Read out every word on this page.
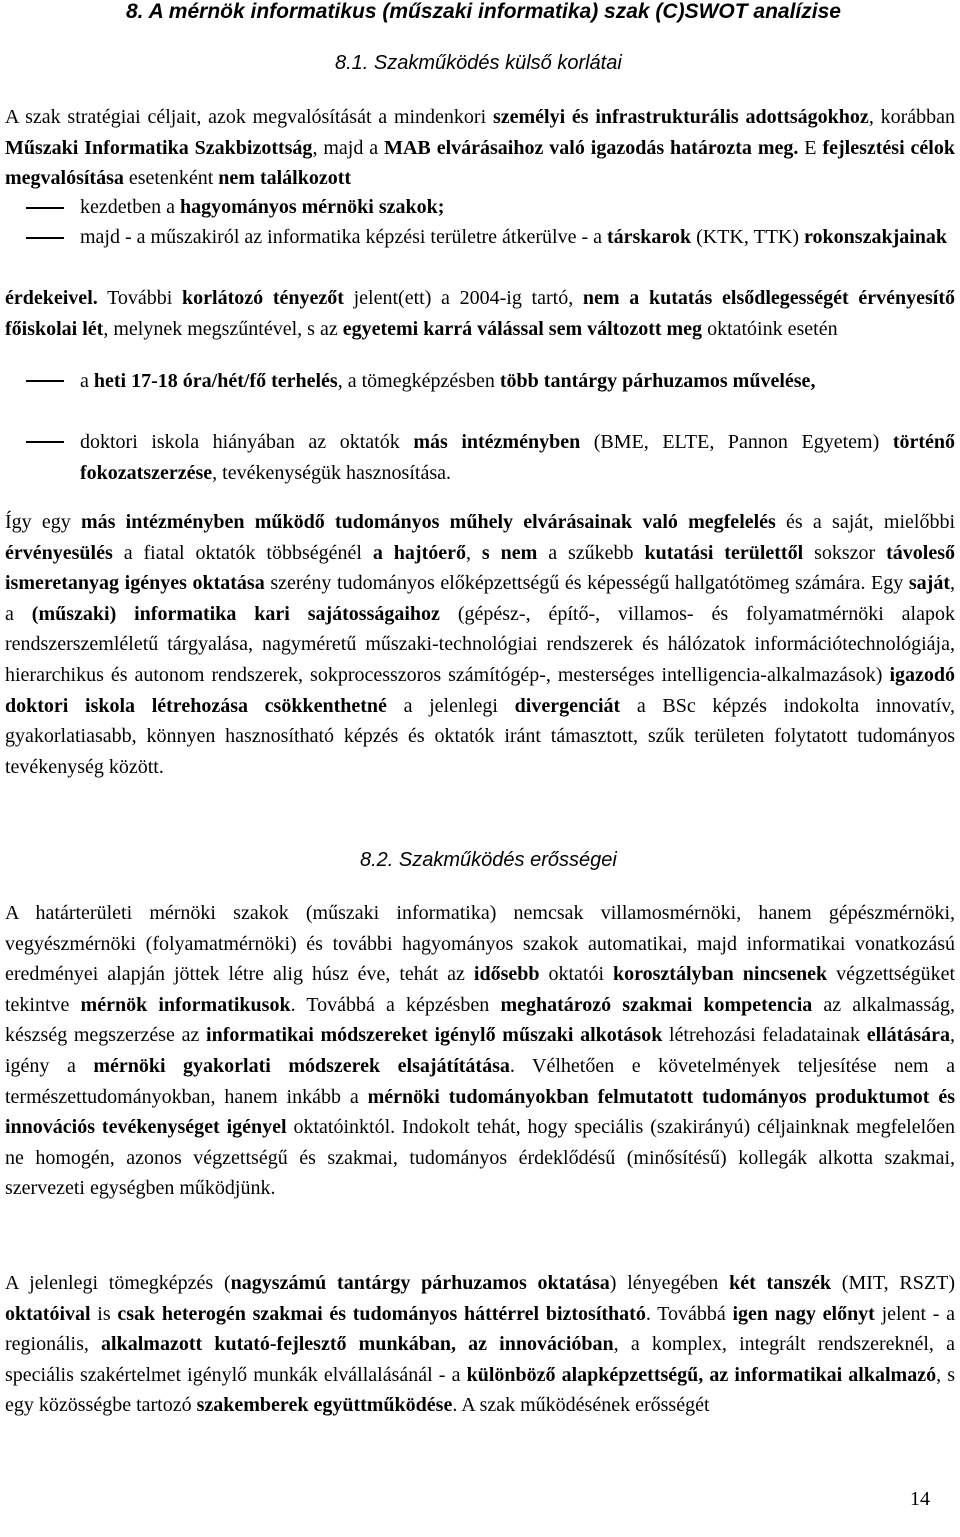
8. A mérnök informatikus (műszaki informatika) szak (C)SWOT analízise
8.1. Szakműködés külső korlátai

A szak stratégiai céljait, azok megvalósítását a mindenkori személyi és infrastrukturális adottságokhoz, korábban Műszaki Informatika Szakbizottság, majd a MAB elvárásaihoz való igazodás határozta meg. E fejlesztési célok megvalósítása esetenként nem találkozott

kezdetben a hagyományos mérnöki szakok;

majd - a műszakiról az informatika képzési területre átkerülve - a társkarok (KTK, TTK) rokonszakjainak

érdekeivel. További korlátozó tényezőt jelent(ett) a 2004-ig tartó, nem a kutatás elsődlegességét érvényesítő főiskolai lét, melynek megszűntével, s az egyetemi karrá válással sem változott meg oktatóink esetén

a heti 17-18 óra/hét/fő terhelés, a tömegképzésben több tantárgy párhuzamos művelése,

doktori iskola hiányában az oktatók más intézményben (BME, ELTE, Pannon Egyetem) történő fokozatszerzése, tevékenységük hasznosítása.

Így egy más intézményben működő tudományos műhely elvárásainak való megfelelés és a saját, mielőbbi érvényesülés a fiatal oktatók többségénél a hajtóerő, s nem a szűkebb kutatási területtől sokszor távoleső ismeretanyag igényes oktatása szerény tudományos előképzettségű és képességű hallgatótömeg számára. Egy saját, a (műszaki) informatika kari sajátosságaihoz (gépész-, építő-, villamos- és folyamatmérnöki alapok rendszerszemléletű tárgyalása, nagyméretű műszaki-technológiai rendszerek és hálózatok információtechnológiája, hierarchikus és autonom rendszerek, sokprocesszoros számítógép-, mesterséges intelligencia-alkalmazások) igazodó doktori iskola létrehozása csökkenthetné a jelenlegi divergenciát a BSc képzés indokolta innovatív, gyakorlatiasabb, könnyen hasznosítható képzés és oktatók iránt támasztott, szűk területen folytatott tudományos tevékenység között.

8.2. Szakműködés erősségei

A határterületi mérnöki szakok (műszaki informatika) nemcsak villamosmérnöki, hanem gépészmérnöki, vegyészmérnöki (folyamatmérnöki) és további hagyományos szakok automatikai, majd informatikai vonatkozású eredményei alapján jöttek létre alig húsz éve, tehát az idősebb oktatói korosztályban nincsenek végzettségüket tekintve mérnök informatikusok. Továbbá a képzésben meghatározó szakmai kompetencia az alkalmasság, készség megszerzése az informatikai módszereket igénylő műszaki alkotások létrehozási feladatainak ellátására, igény a mérnöki gyakorlati módszerek elsajátítátása. Vélhetően e követelmények teljesítése nem a természettudományokban, hanem inkább a mérnöki tudományokban felmutatott tudományos produktumot és innovációs tevékenységet igényel oktatóinktól. Indokolt tehát, hogy speciális (szakirányú) céljainknak megfelelően ne homogén, azonos végzettségű és szakmai, tudományos érdeklődésű (minősítésű) kollegák alkotta szakmai, szervezeti egységben működjünk.

A jelenlegi tömegképzés (nagyszámú tantárgy párhuzamos oktatása) lényegében két tanszék (MIT, RSZT) oktatóival is csak heterogén szakmai és tudományos háttérrel biztosítható. Továbbá igen nagy előnyt jelent - a regionális, alkalmazott kutató-fejlesztő munkában, az innovációban, a komplex, integrált rendszereknél, a speciális szakértelmet igénylő munkák elvállalásánál - a különböző alapképzettségű, az informatikai alkalmazó, s egy közösségbe tartozó szakemberek együttműködése. A szak működésének erősségét

14
